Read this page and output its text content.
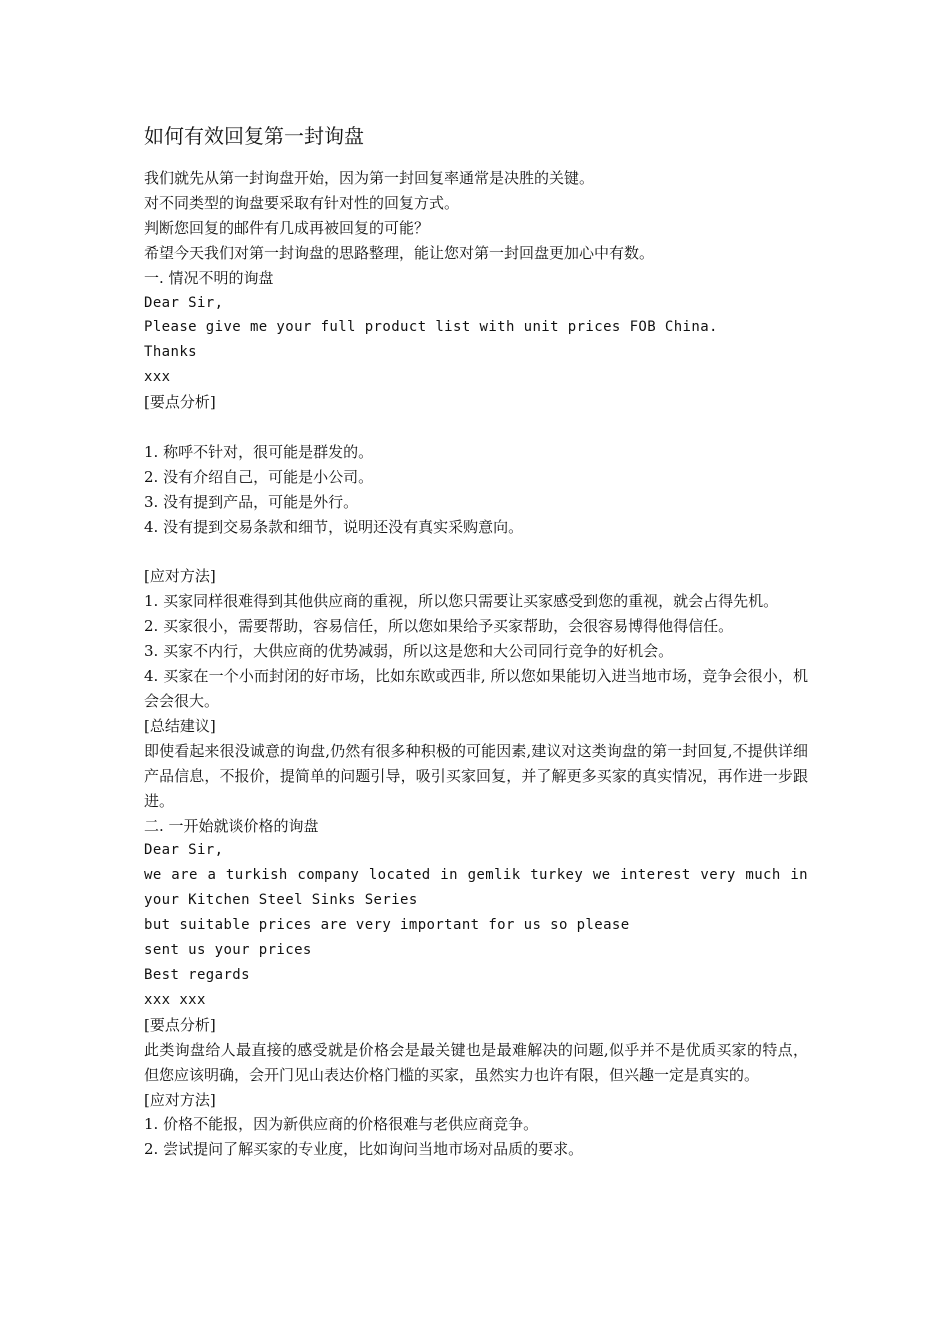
如何有效回复第一封询盘
我们就先从第一封询盘开始，因为第一封回复率通常是决胜的关键。
对不同类型的询盘要采取有针对性的回复方式。
判断您回复的邮件有几成再被回复的可能？
希望今天我们对第一封询盘的思路整理，能让您对第一封回盘更加心中有数。
一. 情况不明的询盘
Dear Sir,
Please give me your full product list with unit prices FOB China.
Thanks
xxx
[要点分析]
1. 称呼不针对，很可能是群发的。
2. 没有介绍自己，可能是小公司。
3. 没有提到产品，可能是外行。
4. 没有提到交易条款和细节，说明还没有真实采购意向。
[应对方法]
1. 买家同样很难得到其他供应商的重视，所以您只需要让买家感受到您的重视，就会占得先机。
2. 买家很小，需要帮助，容易信任，所以您如果给予买家帮助，会很容易博得他得信任。
3. 买家不内行，大供应商的优势减弱，所以这是您和大公司同行竞争的好机会。
4. 买家在一个小而封闭的好市场，比如东欧或西非, 所以您如果能切入进当地市场，竞争会很小，机会会很大。
[总结建议]
即使看起来很没诚意的询盘,仍然有很多种积极的可能因素,建议对这类询盘的第一封回复,不提供详细产品信息，不报价，提简单的问题引导，吸引买家回复，并了解更多买家的真实情况，再作进一步跟进。
二. 一开始就谈价格的询盘
Dear Sir,
we are a turkish company located in gemlik turkey we interest very much in your Kitchen Steel Sinks Series
but suitable prices are very important for us so please
sent us your prices
Best regards
xxx xxx
[要点分析]
此类询盘给人最直接的感受就是价格会是最关键也是最难解决的问题,似乎并不是优质买家的特点，但您应该明确，会开门见山表达价格门槛的买家，虽然实力也许有限，但兴趣一定是真实的。
[应对方法]
1. 价格不能报，因为新供应商的价格很难与老供应商竞争。
2. 尝试提问了解买家的专业度，比如询问当地市场对品质的要求。
